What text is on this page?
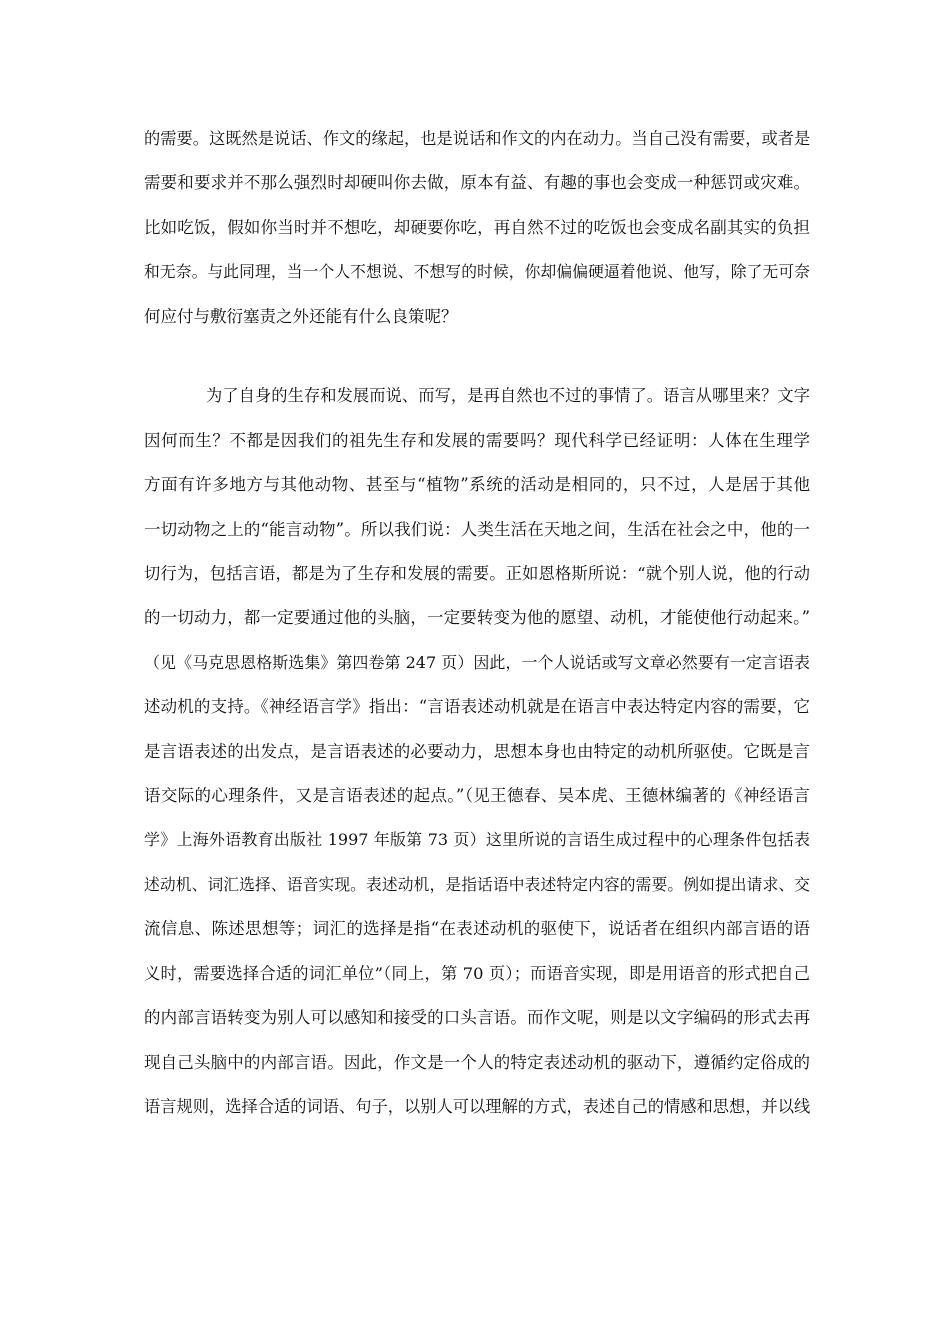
的需要。这既然是说话、作文的缘起，也是说话和作文的内在动力。当自己没有需要，或者是
需要和要求并不那么强烈时却硬叫你去做，原本有益、有趣的事也会变成一种惩罚或灾难。
比如吃饭，假如你当时并不想吃，却硬要你吃，再自然不过的吃饭也会变成名副其实的负担
和无奈。与此同理，当一个人不想说、不想写的时候，你却偏偏硬逼着他说、他写，除了无可奈
何应付与敷衍塞责之外还能有什么良策呢？
为了自身的生存和发展而说、而写，是再自然也不过的事情了。语言从哪里来？文字
因何而生？不都是因我们的祖先生存和发展的需要吗？现代科学已经证明：人体在生理学
方面有许多地方与其他动物、甚至与“植物”系统的活动是相同的，只不过，人是居于其他
一切动物之上的“能言动物”。所以我们说：人类生活在天地之间，生活在社会之中，他的一
切行为，包括言语，都是为了生存和发展的需要。正如恩格斯所说：“就个别人说，他的行动
的一切动力，都一定要通过他的头脑，一定要转变为他的愿望、动机，才能使他行动起来。”
（见《马克思恩格斯选集》第四卷第 247 页）因此，一个人说话或写文章必然要有一定言语表
述动机的支持。《神经语言学》指出：“言语表述动机就是在语言中表达特定内容的需要，它
是言语表述的出发点，是言语表述的必要动力，思想本身也由特定的动机所驱使。它既是言
语交际的心理条件，又是言语表述的起点。”（见王德春、吴本虎、王德林编著的《神经语言
学》上海外语教育出版社 1997 年版第 73 页）这里所说的言语生成过程中的心理条件包括表
述动机、词汇选择、语音实现。表述动机，是指话语中表述特定内容的需要。例如提出请求、交
流信息、陈述思想等；词汇的选择是指“在表述动机的驱使下，说话者在组织内部言语的语
义时，需要选择合适的词汇单位”（同上，第 70 页）；而语音实现，即是用语音的形式把自己
的内部言语转变为别人可以感知和接受的口头言语。而作文呢，则是以文字编码的形式去再
现自己头脑中的内部言语。因此，作文是一个人的特定表述动机的驱动下，遵循约定俗成的
语言规则，选择合适的词语、句子，以别人可以理解的方式，表述自己的情感和思想，并以线
